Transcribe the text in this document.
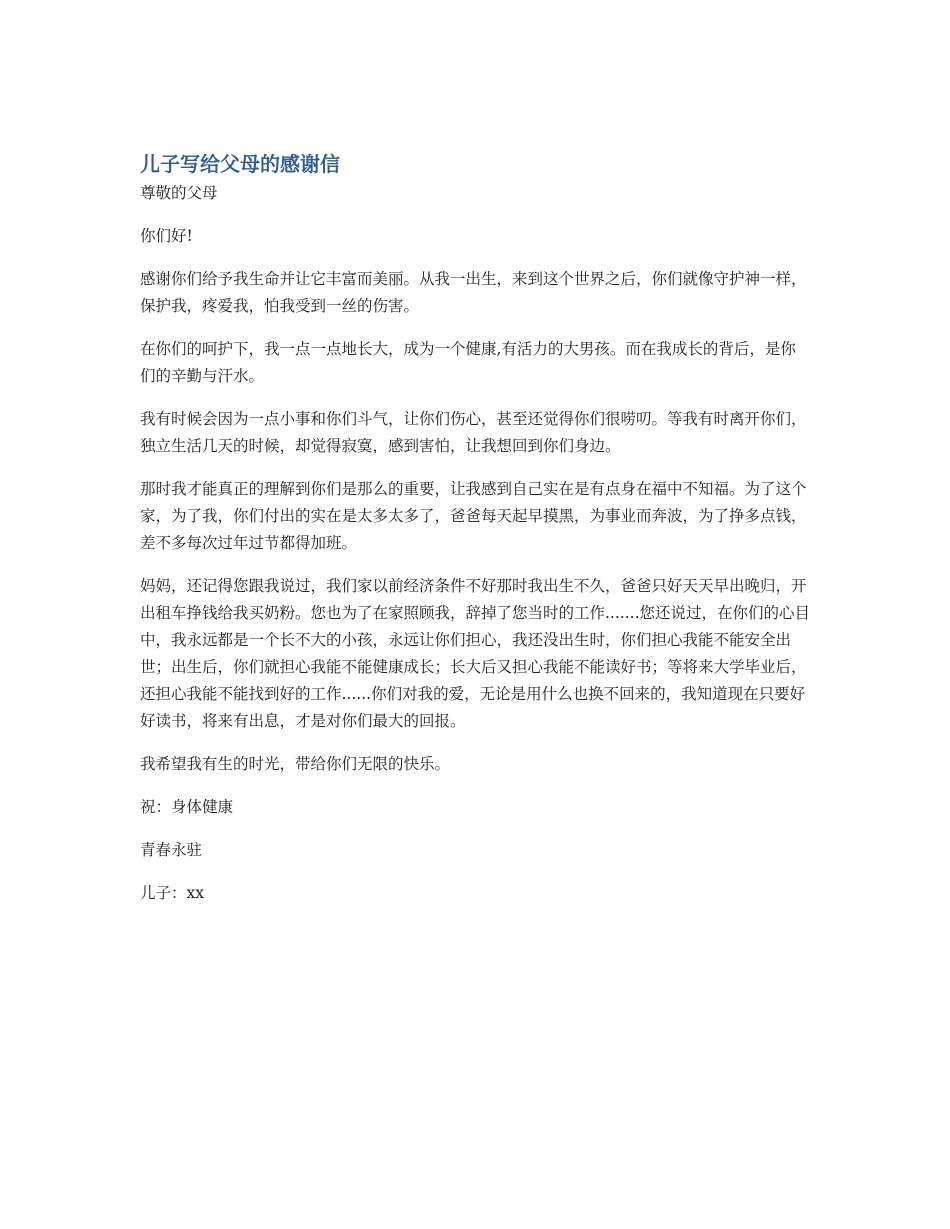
儿子写给父母的感谢信

尊敬的父母

你们好!

感谢你们给予我生命并让它丰富而美丽。从我一出生，来到这个世界之后，你们就像守护神一样，保护我，疼爱我，怕我受到一丝的伤害。

在你们的呵护下，我一点一点地长大，成为一个健康,有活力的大男孩。而在我成长的背后，是你们的辛勤与汗水。

我有时候会因为一点小事和你们斗气，让你们伤心，甚至还觉得你们很唠叨。等我有时离开你们，独立生活几天的时候，却觉得寂寞，感到害怕，让我想回到你们身边。

那时我才能真正的理解到你们是那么的重要，让我感到自己实在是有点身在福中不知福。为了这个家，为了我，你们付出的实在是太多太多了，爸爸每天起早摸黑，为事业而奔波，为了挣多点钱，差不多每次过年过节都得加班。

妈妈，还记得您跟我说过，我们家以前经济条件不好那时我出生不久，爸爸只好天天早出晚归，开出租车挣钱给我买奶粉。您也为了在家照顾我，辞掉了您当时的工作.......您还说过，在你们的心目中，我永远都是一个长不大的小孩，永远让你们担心，我还没出生时，你们担心我能不能安全出世；出生后，你们就担心我能不能健康成长；长大后又担心我能不能读好书；等将来大学毕业后，还担心我能不能找到好的工作......你们对我的爱，无论是用什么也换不回来的，我知道现在只要好好读书，将来有出息，才是对你们最大的回报。

我希望我有生的时光，带给你们无限的快乐。

祝：身体健康

青春永驻

儿子：xx
